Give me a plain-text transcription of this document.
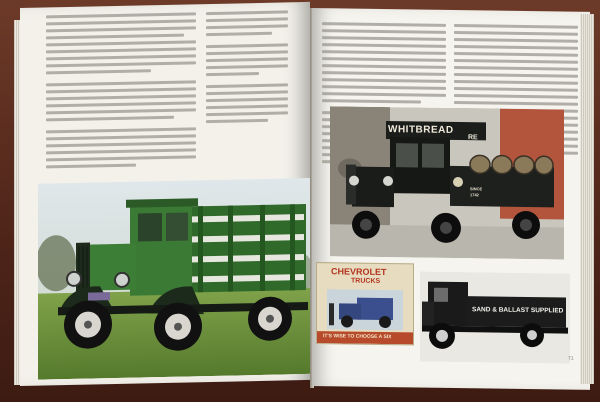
WHITBREAD
RE
SINCE
1742
CHEVROLET
TRUCKS
IT'S WISE TO CHOOSE A SIX
SAND & BALLAST SUPPLIED
71
